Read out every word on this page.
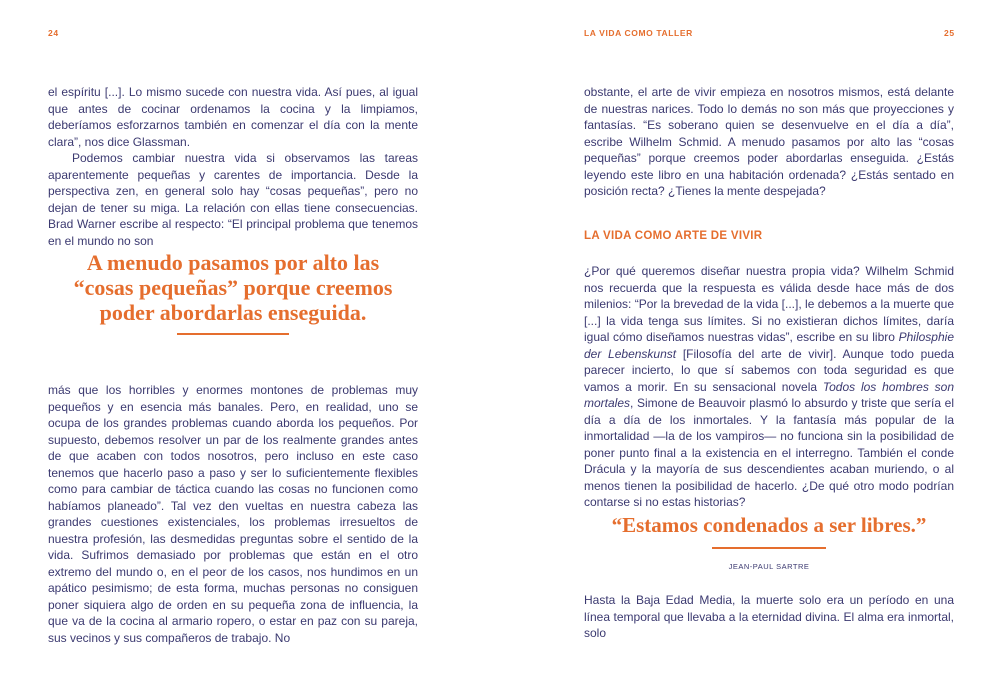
24

el espíritu [...]. Lo mismo sucede con nuestra vida. Así pues, al igual que antes de cocinar ordenamos la cocina y la limpiamos, deberíamos esforzarnos también en comenzar el día con la mente clara”, nos dice Glassman.

Podemos cambiar nuestra vida si observamos las tareas aparentemente pequeñas y carentes de importancia. Desde la perspectiva zen, en general solo hay “cosas pequeñas”, pero no dejan de tener su miga. La relación con ellas tiene consecuencias. Brad Warner escribe al respecto: “El principal problema que tenemos en el mundo no son

A menudo pasamos por alto las
“cosas pequeñas” porque creemos
poder abordarlas enseguida.

más que los horribles y enormes montones de problemas muy pequeños y en esencia más banales. Pero, en realidad, uno se ocupa de los grandes problemas cuando aborda los pequeños. Por supuesto, debemos resolver un par de los realmente grandes antes de que acaben con todos nosotros, pero incluso en este caso tenemos que hacerlo paso a paso y ser lo suficientemente flexibles como para cambiar de táctica cuando las cosas no funcionen como habíamos planeado”. Tal vez den vueltas en nuestra cabeza las grandes cuestiones existenciales, los problemas irresueltos de nuestra profesión, las desmedidas preguntas sobre el sentido de la vida. Sufrimos demasiado por problemas que están en el otro extremo del mundo o, en el peor de los casos, nos hundimos en un apático pesimismo; de esta forma, muchas personas no consiguen poner siquiera algo de orden en su pequeña zona de influencia, la que va de la cocina al armario ropero, o estar en paz con su pareja, sus vecinos y sus compañeros de trabajo. No

LA VIDA COMO TALLER	25

obstante, el arte de vivir empieza en nosotros mismos, está delante de nuestras narices. Todo lo demás no son más que proyecciones y fantasías. “Es soberano quien se desenvuelve en el día a día”, escribe Wilhelm Schmid. A menudo pasamos por alto las “cosas pequeñas” porque creemos poder abordarlas enseguida. ¿Estás leyendo este libro en una habitación ordenada? ¿Estás sentado en posición recta? ¿Tienes la mente despejada?

LA VIDA COMO ARTE DE VIVIR

¿Por qué queremos diseñar nuestra propia vida? Wilhelm Schmid nos recuerda que la respuesta es válida desde hace más de dos milenios: “Por la brevedad de la vida [...], le debemos a la muerte que [...] la vida tenga sus límites. Si no existieran dichos límites, daría igual cómo diseñamos nuestras vidas”, escribe en su libro Philosphie der Lebenskunst [Filosofía del arte de vivir]. Aunque todo pueda parecer incierto, lo que sí sabemos con toda seguridad es que vamos a morir. En su sensacional novela Todos los hombres son mortales, Simone de Beauvoir plasmó lo absurdo y triste que sería el día a día de los inmortales. Y la fantasía más popular de la inmortalidad —la de los vampiros— no funciona sin la posibilidad de poner punto final a la existencia en el interregno. También el conde Drácula y la mayoría de sus descendientes acaban muriendo, o al menos tienen la posibilidad de hacerlo. ¿De qué otro modo podrían contarse si no estas historias?

“Estamos condenados a ser libres.”
JEAN-PAUL SARTRE

Hasta la Baja Edad Media, la muerte solo era un período en una línea temporal que llevaba a la eternidad divina. El alma era inmortal, solo
